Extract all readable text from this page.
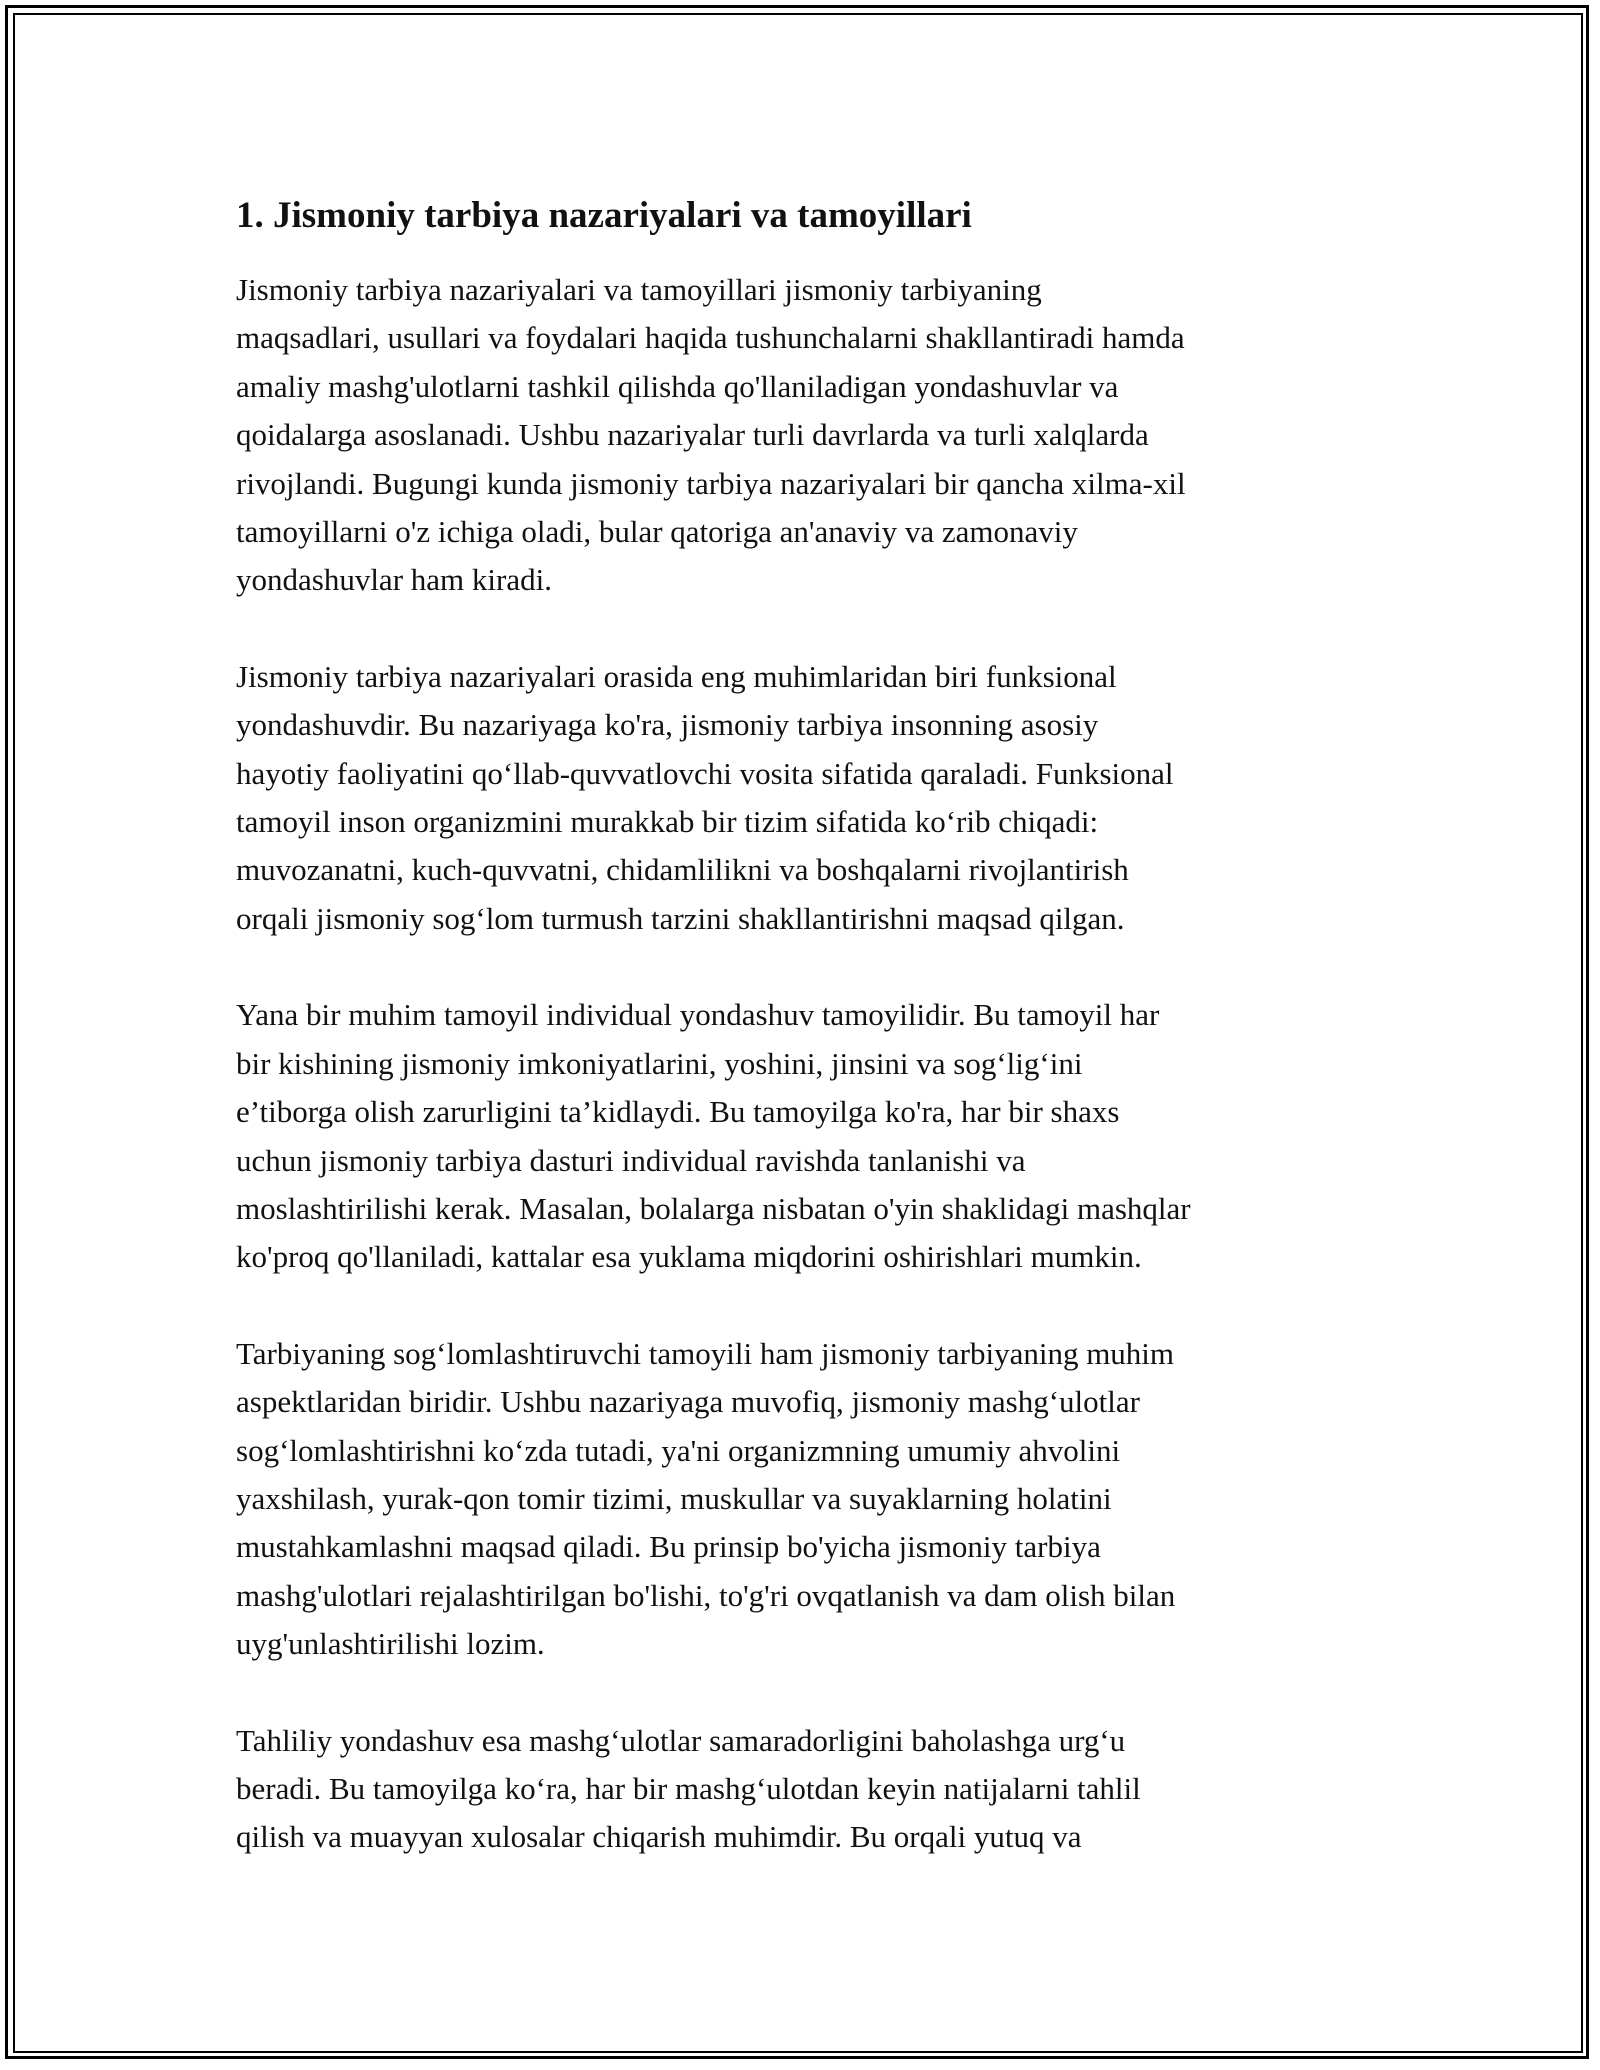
1. Jismoniy tarbiya nazariyalari va tamoyillari

Jismoniy tarbiya nazariyalari va tamoyillari jismoniy tarbiyaning
maqsadlari, usullari va foydalari haqida tushunchalarni shakllantiradi hamda
amaliy mashg'ulotlarni tashkil qilishda qo'llaniladigan yondashuvlar va
qoidalarga asoslanadi. Ushbu nazariyalar turli davrlarda va turli xalqlarda
rivojlandi. Bugungi kunda jismoniy tarbiya nazariyalari bir qancha xilma-xil
tamoyillarni o'z ichiga oladi, bular qatoriga an'anaviy va zamonaviy
yondashuvlar ham kiradi.

Jismoniy tarbiya nazariyalari orasida eng muhimlaridan biri funksional
yondashuvdir. Bu nazariyaga ko'ra, jismoniy tarbiya insonning asosiy
hayotiy faoliyatini qo‘llab-quvvatlovchi vosita sifatida qaraladi. Funksional
tamoyil inson organizmini murakkab bir tizim sifatida ko‘rib chiqadi:
muvozanatni, kuch-quvvatni, chidamlilikni va boshqalarni rivojlantirish
orqali jismoniy sog‘lom turmush tarzini shakllantirishni maqsad qilgan.

Yana bir muhim tamoyil individual yondashuv tamoyilidir. Bu tamoyil har
bir kishining jismoniy imkoniyatlarini, yoshini, jinsini va sog‘lig‘ini
e’tiborga olish zarurligini ta’kidlaydi. Bu tamoyilga ko'ra, har bir shaxs
uchun jismoniy tarbiya dasturi individual ravishda tanlanishi va
moslashtirilishi kerak. Masalan, bolalarga nisbatan o'yin shaklidagi mashqlar
ko'proq qo'llaniladi, kattalar esa yuklama miqdorini oshirishlari mumkin.

Tarbiyaning sog‘lomlashtiruvchi tamoyili ham jismoniy tarbiyaning muhim
aspektlaridan biridir. Ushbu nazariyaga muvofiq, jismoniy mashg‘ulotlar
sog‘lomlashtirishni ko‘zda tutadi, ya'ni organizmning umumiy ahvolini
yaxshilash, yurak-qon tomir tizimi, muskullar va suyaklarning holatini
mustahkamlashni maqsad qiladi. Bu prinsip bo'yicha jismoniy tarbiya
mashg'ulotlari rejalashtirilgan bo'lishi, to'g'ri ovqatlanish va dam olish bilan
uyg'unlashtirilishi lozim.

Tahliliy yondashuv esa mashg‘ulotlar samaradorligini baholashga urg‘u
beradi. Bu tamoyilga ko‘ra, har bir mashg‘ulotdan keyin natijalarni tahlil
qilish va muayyan xulosalar chiqarish muhimdir. Bu orqali yutuq va
